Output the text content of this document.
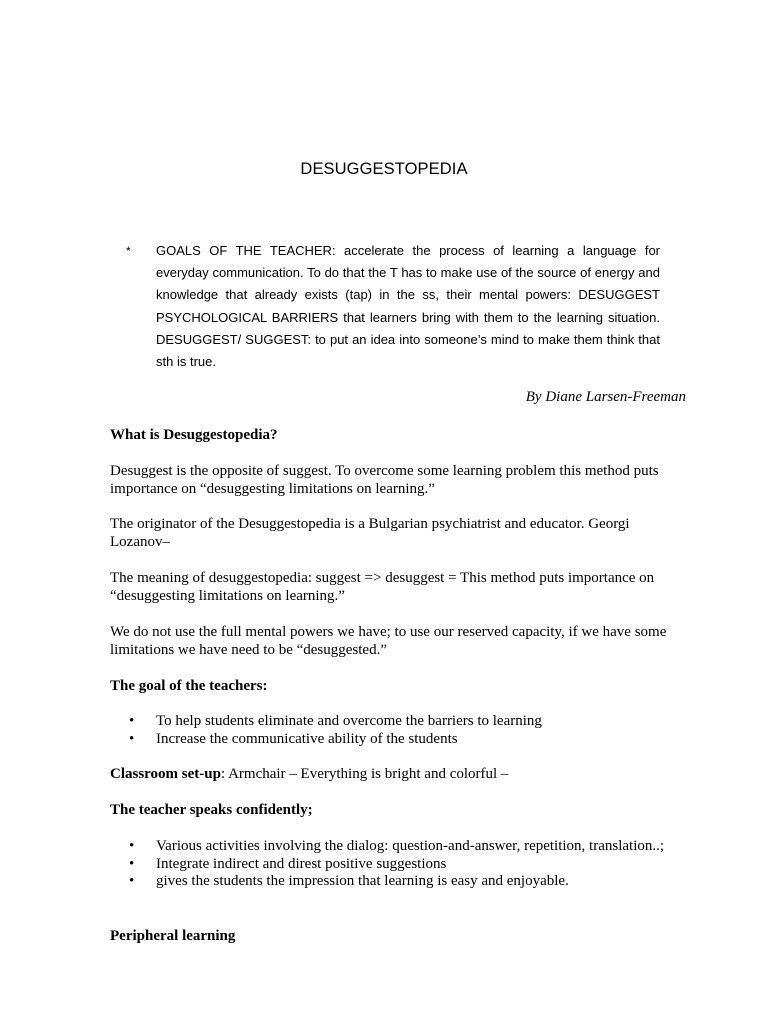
DESUGGESTOPEDIA
* GOALS OF THE TEACHER: accelerate the process of learning a language for everyday communication. To do that the T has to make use of the source of energy and knowledge that already exists (tap) in the ss, their mental powers: DESUGGEST PSYCHOLOGICAL BARRIERS that learners bring with them to the learning situation. DESUGGEST/ SUGGEST: to put an idea into someone’s mind to make them think that sth is true.
By Diane Larsen-Freeman
What is Desuggestopedia?
Desuggest is the opposite of suggest. To overcome some learning problem this method puts importance on “desuggesting limitations on learning.”
The originator of the Desuggestopedia is a Bulgarian psychiatrist and educator. Georgi Lozanov–
The meaning of desuggestopedia: suggest => desuggest = This method puts importance on “desuggesting limitations on learning.”
We do not use the full mental powers we have; to use our reserved capacity, if we have some limitations we have need to be “desuggested.”
The goal of the teachers:
• To help students eliminate and overcome the barriers to learning
• Increase the communicative ability of the students
Classroom set-up: Armchair – Everything is bright and colorful –
The teacher speaks confidently;
• Various activities involving the dialog: question-and-answer, repetition, translation..;
• Integrate indirect and direst positive suggestions
• gives the students the impression that learning is easy and enjoyable.
Peripheral learning
